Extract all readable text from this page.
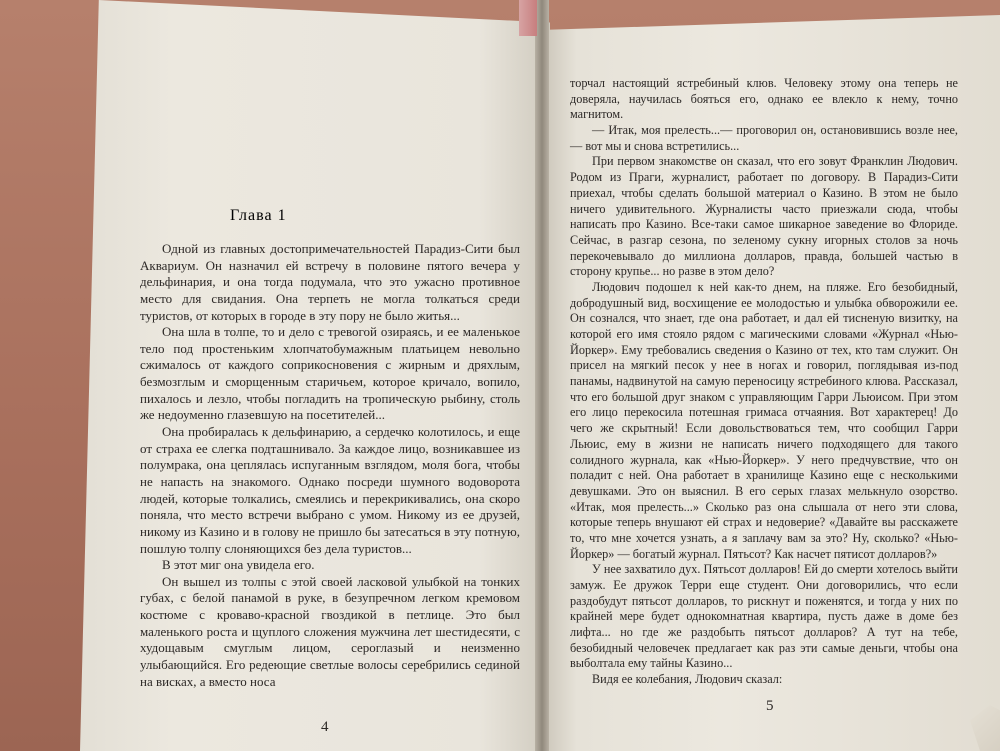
Глава 1

Одной из главных достопримечательностей Парадиз-Сити был Аквариум. Он назначил ей встречу в половине пятого вечера у дельфинария, и она тогда подумала, что это ужасно противное место для свидания. Она терпеть не могла толкаться среди туристов, от которых в городе в эту пору не было житья...

Она шла в толпе, то и дело с тревогой озираясь, и ее маленькое тело под простеньким хлопчатобумажным платьицем невольно сжималось от каждого соприкосновения с жирным и дряхлым, безмозглым и сморщенным старичьем, которое кричало, вопило, пихалось и лезло, чтобы погладить на тропическую рыбину, столь же недоуменно глазевшую на посетителей...

Она пробиралась к дельфинарию, а сердечко колотилось, и еще от страха ее слегка подташнивало. За каждое лицо, возникавшее из полумрака, она цеплялась испуганным взглядом, моля бога, чтобы не напасть на знакомого. Однако посреди шумного водоворота людей, которые толкались, смеялись и перекрикивались, она скоро поняла, что место встречи выбрано с умом. Никому из ее друзей, никому из Казино и в голову не пришло бы затесаться в эту потную, пошлую толпу слоняющихся без дела туристов...

В этот миг она увидела его.

Он вышел из толпы с этой своей ласковой улыбкой на тонких губах, с белой панамой в руке, в безупречном легком кремовом костюме с кроваво-красной гвоздикой в петлице. Это был маленького роста и щуплого сложения мужчина лет шестидесяти, с худощавым смуглым лицом, сероглазый и неизменно улыбающийся. Его редеющие светлые волосы серебрились сединой на висках, а вместо носа

4

торчал настоящий ястребиный клюв. Человеку этому она теперь не доверяла, научилась бояться его, однако ее влекло к нему, точно магнитом.

— Итак, моя прелесть...— проговорил он, остановившись возле нее, — вот мы и снова встретились...

При первом знакомстве он сказал, что его зовут Франклин Людович. Родом из Праги, журналист, работает по договору. В Парадиз-Сити приехал, чтобы сделать большой материал о Казино. В этом не было ничего удивительного. Журналисты часто приезжали сюда, чтобы написать про Казино. Все-таки самое шикарное заведение во Флориде. Сейчас, в разгар сезона, по зеленому сукну игорных столов за ночь перекочевывало до миллиона долларов, правда, большей частью в сторону крупье... но разве в этом дело?

Людович подошел к ней как-то днем, на пляже. Его безобидный, добродушный вид, восхищение ее молодостью и улыбка обворожили ее. Он сознался, что знает, где она работает, и дал ей тисненую визитку, на которой его имя стояло рядом с магическими словами «Журнал «Нью-Йоркер». Ему требовались сведения о Казино от тех, кто там служит. Он присел на мягкий песок у нее в ногах и говорил, поглядывая из-под панамы, надвинутой на самую переносицу ястребиного клюва. Рассказал, что его большой друг знаком с управляющим Гарри Льюисом. При этом его лицо перекосила потешная гримаса отчаяния. Вот характерец! До чего же скрытный! Если довольствоваться тем, что сообщил Гарри Льюис, ему в жизни не написать ничего подходящего для такого солидного журнала, как «Нью-Йоркер». У него предчувствие, что он поладит с ней. Она работает в хранилище Казино еще с несколькими девушками. Это он выяснил. В его серых глазах мелькнуло озорство. «Итак, моя прелесть...» Сколько раз она слышала от него эти слова, которые теперь внушают ей страх и недоверие? «Давайте вы расскажете то, что мне хочется узнать, а я заплачу вам за это? Ну, сколько? «Нью-Йоркер» — богатый журнал. Пятьсот? Как насчет пятисот долларов?»

У нее захватило дух. Пятьсот долларов! Ей до смерти хотелось выйти замуж. Ее дружок Терри еще студент. Они договорились, что если раздобудут пятьсот долларов, то рискнут и поженятся, и тогда у них по крайней мере будет однокомнатная квартира, пусть даже в доме без лифта... но где же раздобыть пятьсот долларов? А тут на тебе, безобидный человечек предлагает как раз эти самые деньги, чтобы она выболтала ему тайны Казино...

Видя ее колебания, Людович сказал:

5
